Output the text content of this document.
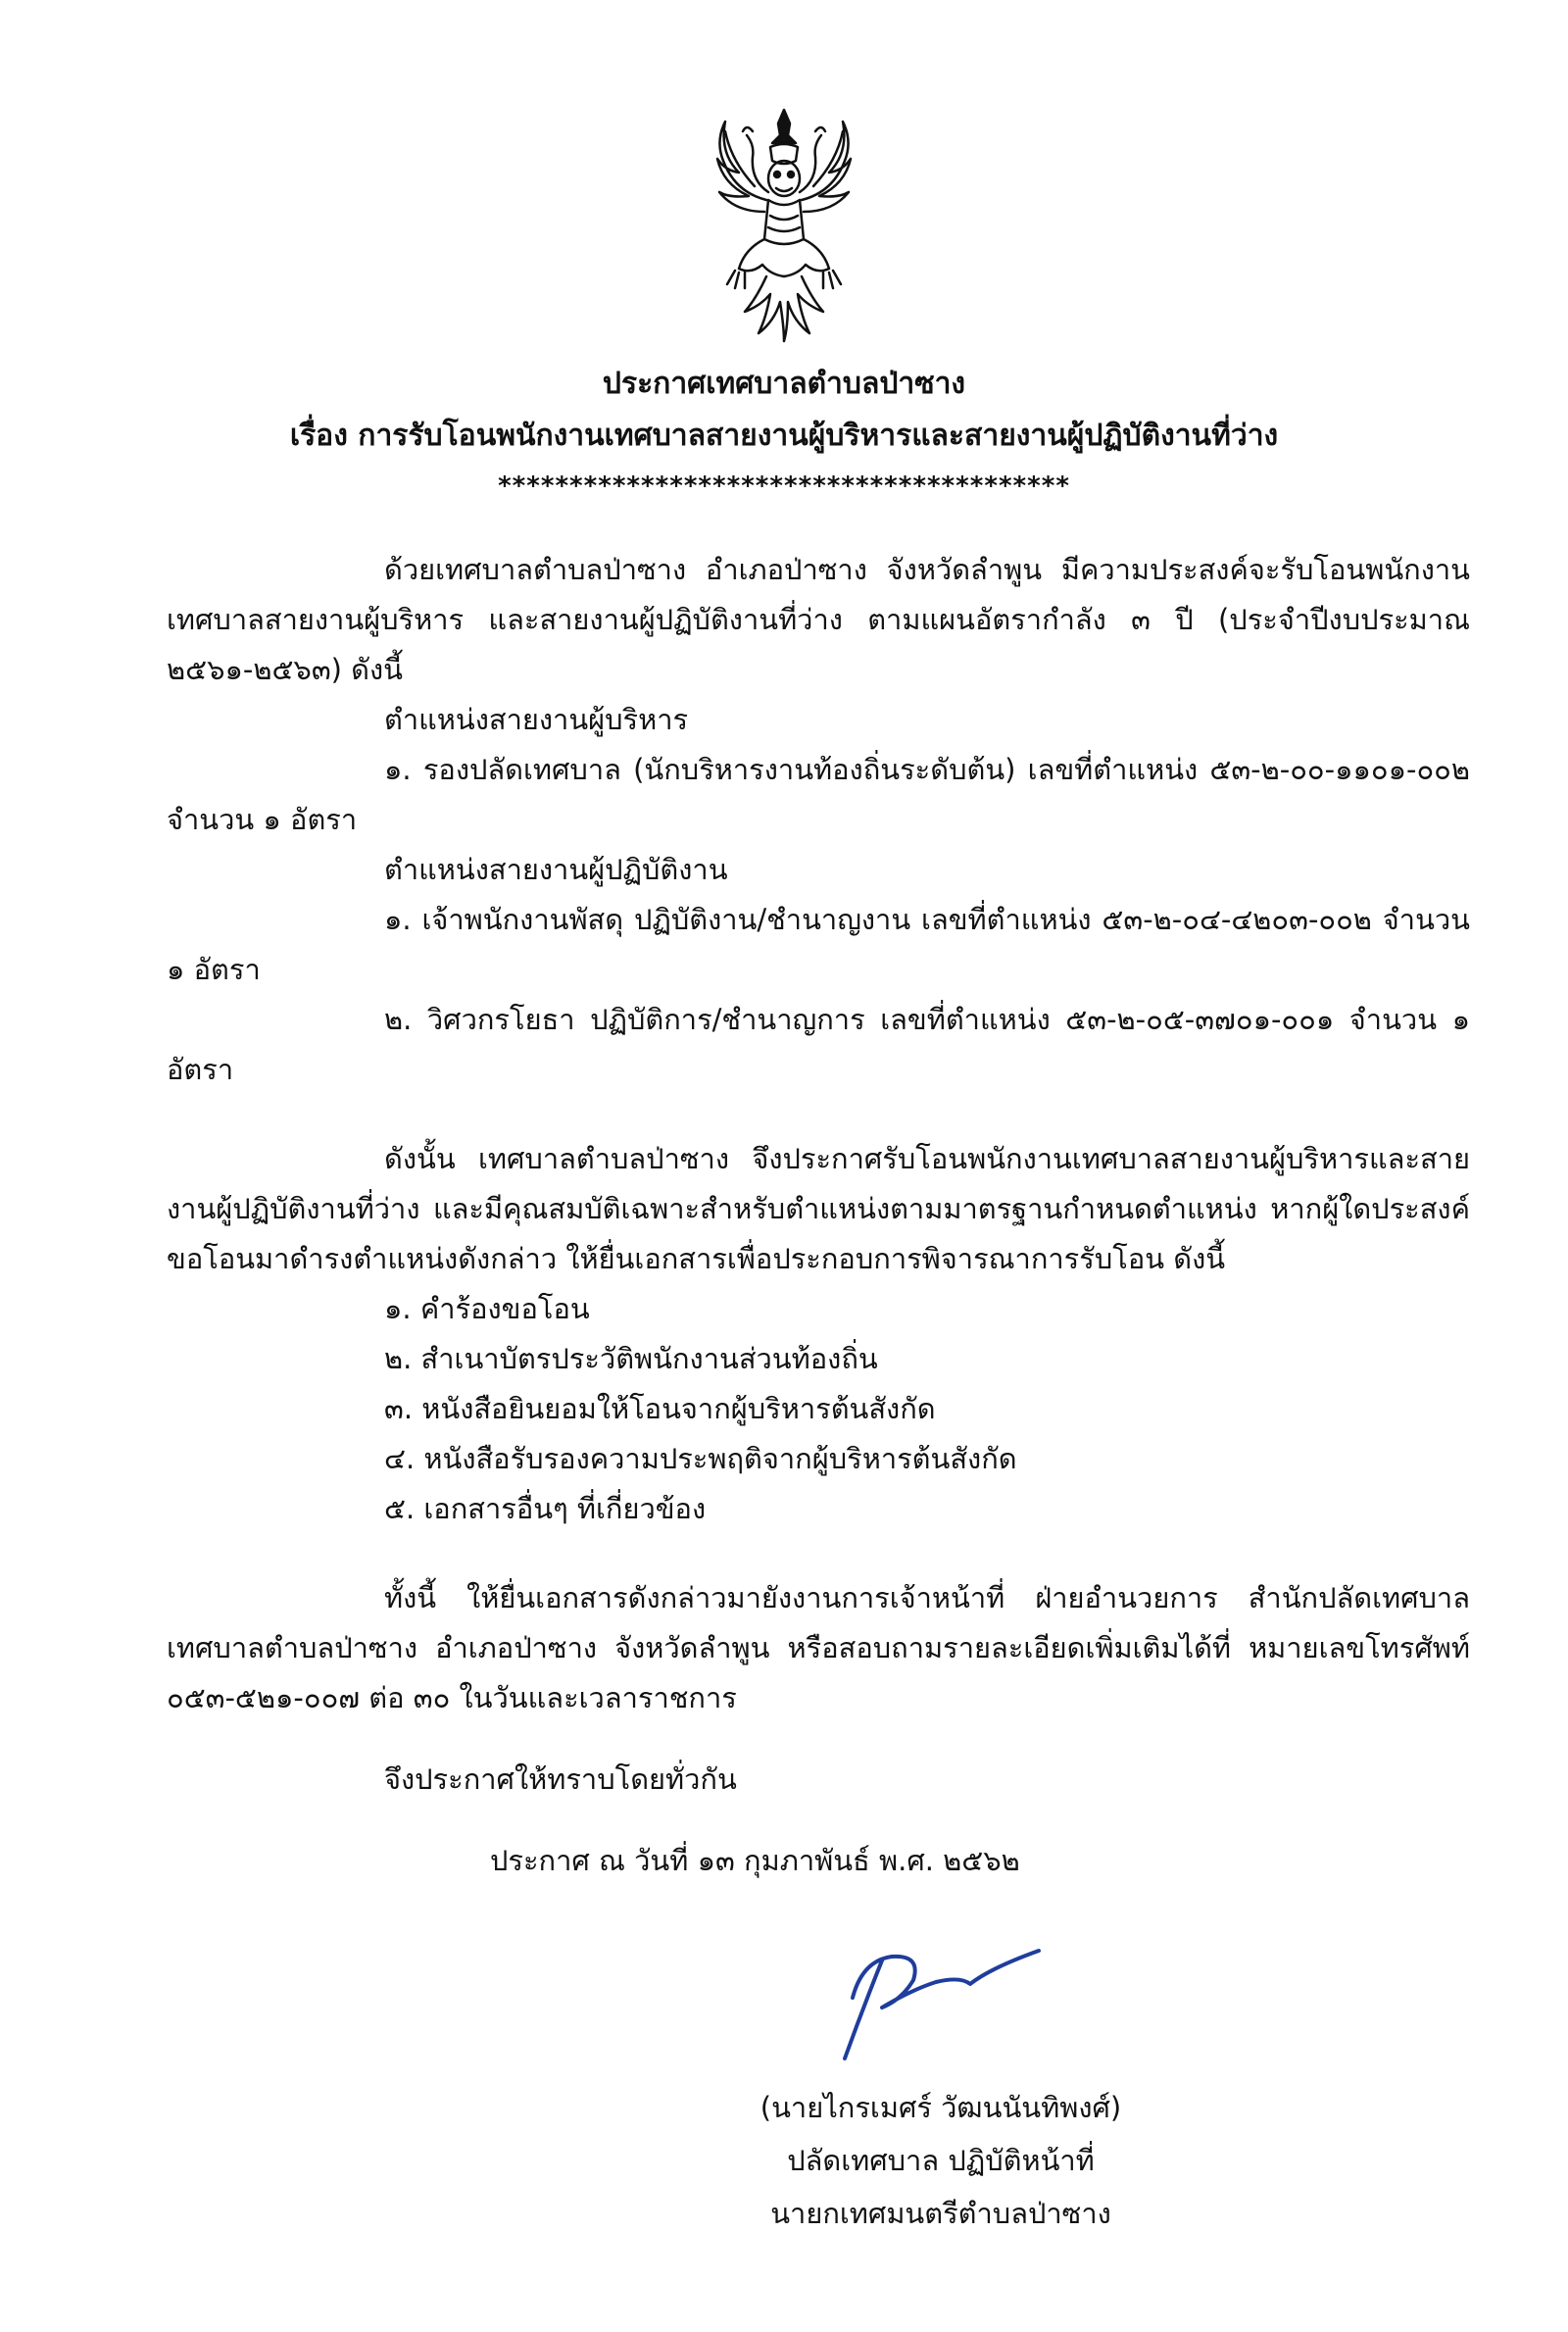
ประกาศเทศบาลตำบลป่าซาง
เรื่อง การรับโอนพนักงานเทศบาลสายงานผู้บริหารและสายงานผู้ปฏิบัติงานที่ว่าง
****************************************

ด้วยเทศบาลตำบลป่าซาง อำเภอป่าซาง จังหวัดลำพูน มีความประสงค์จะรับโอนพนักงานเทศบาลสายงานผู้บริหาร และสายงานผู้ปฏิบัติงานที่ว่าง ตามแผนอัตรากำลัง ๓ ปี (ประจำปีงบประมาณ ๒๕๖๑-๒๕๖๓) ดังนี้

ตำแหน่งสายงานผู้บริหาร

๑. รองปลัดเทศบาล (นักบริหารงานท้องถิ่นระดับต้น) เลขที่ตำแหน่ง ๕๓-๒-๐๐-๑๑๐๑-๐๐๒ จำนวน ๑ อัตรา

ตำแหน่งสายงานผู้ปฏิบัติงาน

๑. เจ้าพนักงานพัสดุ ปฏิบัติงาน/ชำนาญงาน เลขที่ตำแหน่ง ๕๓-๒-๐๔-๔๒๐๓-๐๐๒ จำนวน ๑ อัตรา

๒. วิศวกรโยธา ปฏิบัติการ/ชำนาญการ เลขที่ตำแหน่ง ๕๓-๒-๐๕-๓๗๐๑-๐๐๑ จำนวน ๑ อัตรา

ดังนั้น เทศบาลตำบลป่าซาง จึงประกาศรับโอนพนักงานเทศบาลสายงานผู้บริหารและสายงานผู้ปฏิบัติงานที่ว่าง และมีคุณสมบัติเฉพาะสำหรับตำแหน่งตามมาตรฐานกำหนดตำแหน่ง หากผู้ใดประสงค์ขอโอนมาดำรงตำแหน่งดังกล่าว ให้ยื่นเอกสารเพื่อประกอบการพิจารณาการรับโอน ดังนี้

๑. คำร้องขอโอน

๒. สำเนาบัตรประวัติพนักงานส่วนท้องถิ่น

๓. หนังสือยินยอมให้โอนจากผู้บริหารต้นสังกัด

๔. หนังสือรับรองความประพฤติจากผู้บริหารต้นสังกัด

๕. เอกสารอื่นๆ ที่เกี่ยวข้อง

ทั้งนี้ ให้ยื่นเอกสารดังกล่าวมายังงานการเจ้าหน้าที่ ฝ่ายอำนวยการ สำนักปลัดเทศบาล เทศบาลตำบลป่าซาง อำเภอป่าซาง จังหวัดลำพูน หรือสอบถามรายละเอียดเพิ่มเติมได้ที่ หมายเลขโทรศัพท์ ๐๕๓-๕๒๑-๐๐๗ ต่อ ๓๐ ในวันและเวลาราชการ

จึงประกาศให้ทราบโดยทั่วกัน

ประกาศ ณ วันที่ ๑๓ กุมภาพันธ์ พ.ศ. ๒๕๖๒

(นายไกรเมศร์ วัฒนนันทิพงศ์)
ปลัดเทศบาล ปฏิบัติหน้าที่
นายกเทศมนตรีตำบลป่าซาง
